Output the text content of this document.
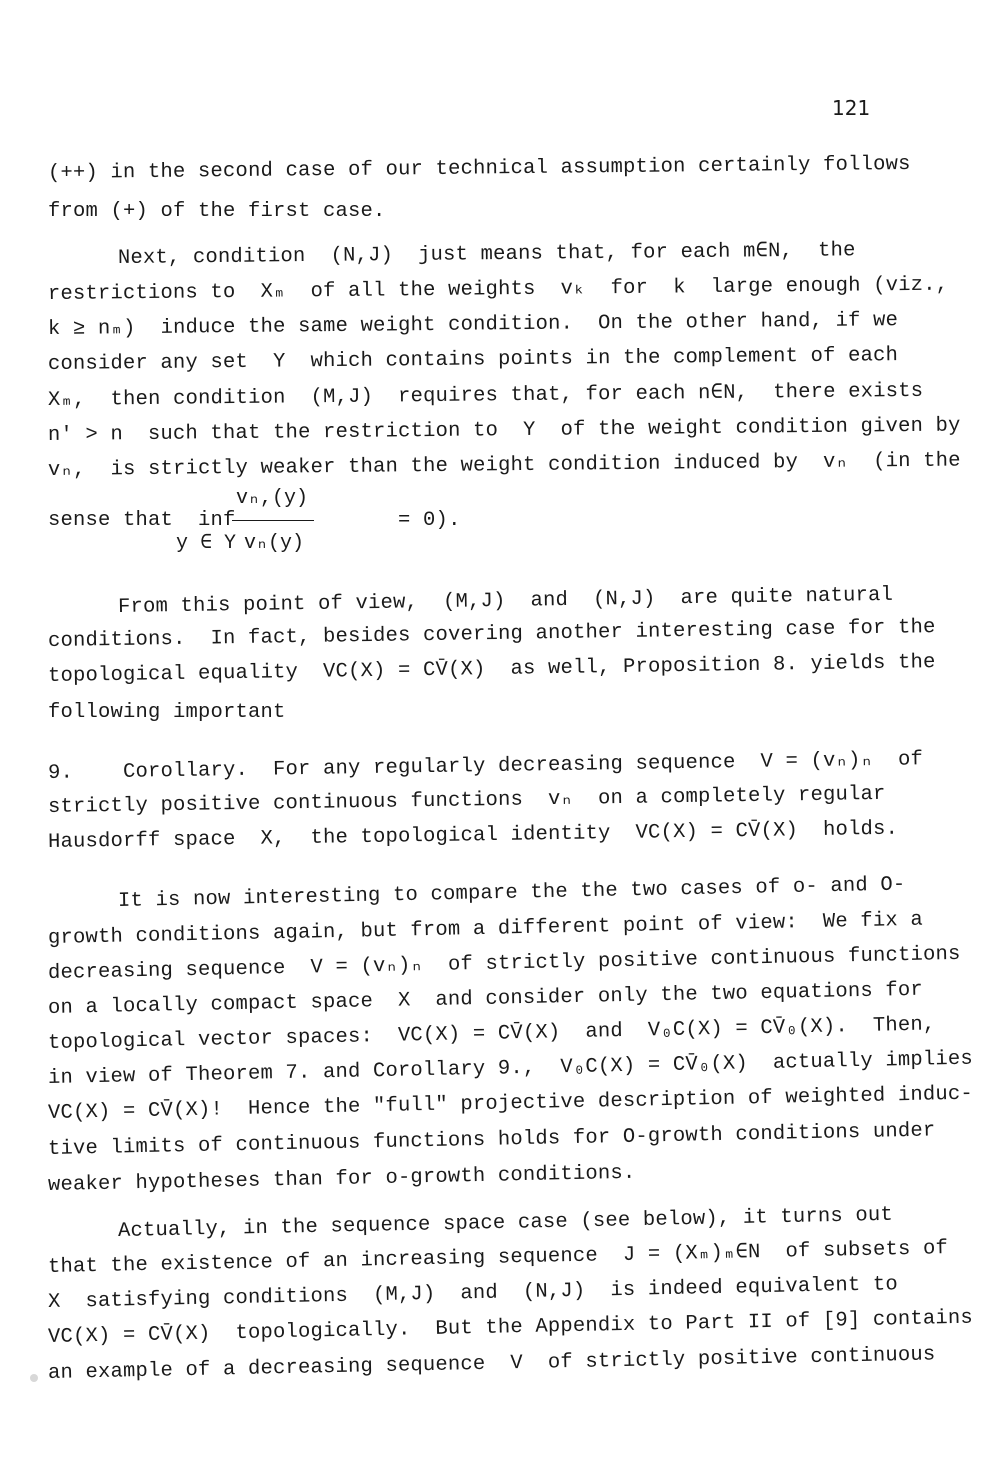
121
(++) in the second case of our technical assumption certainly follows
from (+) of the first case.
Next, condition  (N,J)  just means that, for each m∈N,  the
restrictions to  Xₘ  of all the weights  vₖ  for  k  large enough (viz.,
k ≥ nₘ)  induce the same weight condition.  On the other hand, if we
consider any set  Y  which contains points in the complement of each
Xₘ,  then condition  (M,J)  requires that, for each n∈N,  there exists
n' > n  such that the restriction to  Y  of the weight condition given by
vₙ,  is strictly weaker than the weight condition induced by  vₙ  (in the
sense that  inf             = 0).
vₙ,(y)
vₙ(y)
y ∈ Y
From this point of view,  (M,J)  and  (N,J)  are quite natural
conditions.  In fact, besides covering another interesting case for the
topological equality  VC(X) = CV̄(X)  as well, Proposition 8. yields the
following important
9.    Corollary.  For any regularly decreasing sequence  V = (vₙ)ₙ  of
strictly positive continuous functions  vₙ  on a completely regular
Hausdorff space  X,  the topological identity  VC(X) = CV̄(X)  holds.
It is now interesting to compare the the two cases of o- and O-
growth conditions again, but from a different point of view:  We fix a
decreasing sequence  V = (vₙ)ₙ  of strictly positive continuous functions
on a locally compact space  X  and consider only the two equations for
topological vector spaces:  VC(X) = CV̄(X)  and  V₀C(X) = CV̄₀(X).  Then,
in view of Theorem 7. and Corollary 9.,  V₀C(X) = CV̄₀(X)  actually implies
VC(X) = CV̄(X)!  Hence the "full" projective description of weighted induc-
tive limits of continuous functions holds for O-growth conditions under
weaker hypotheses than for o-growth conditions.
Actually, in the sequence space case (see below), it turns out
that the existence of an increasing sequence  J = (Xₘ)ₘ∈N  of subsets of
X  satisfying conditions  (M,J)  and  (N,J)  is indeed equivalent to
VC(X) = CV̄(X)  topologically.  But the Appendix to Part II of [9] contains
an example of a decreasing sequence  V  of strictly positive continuous
